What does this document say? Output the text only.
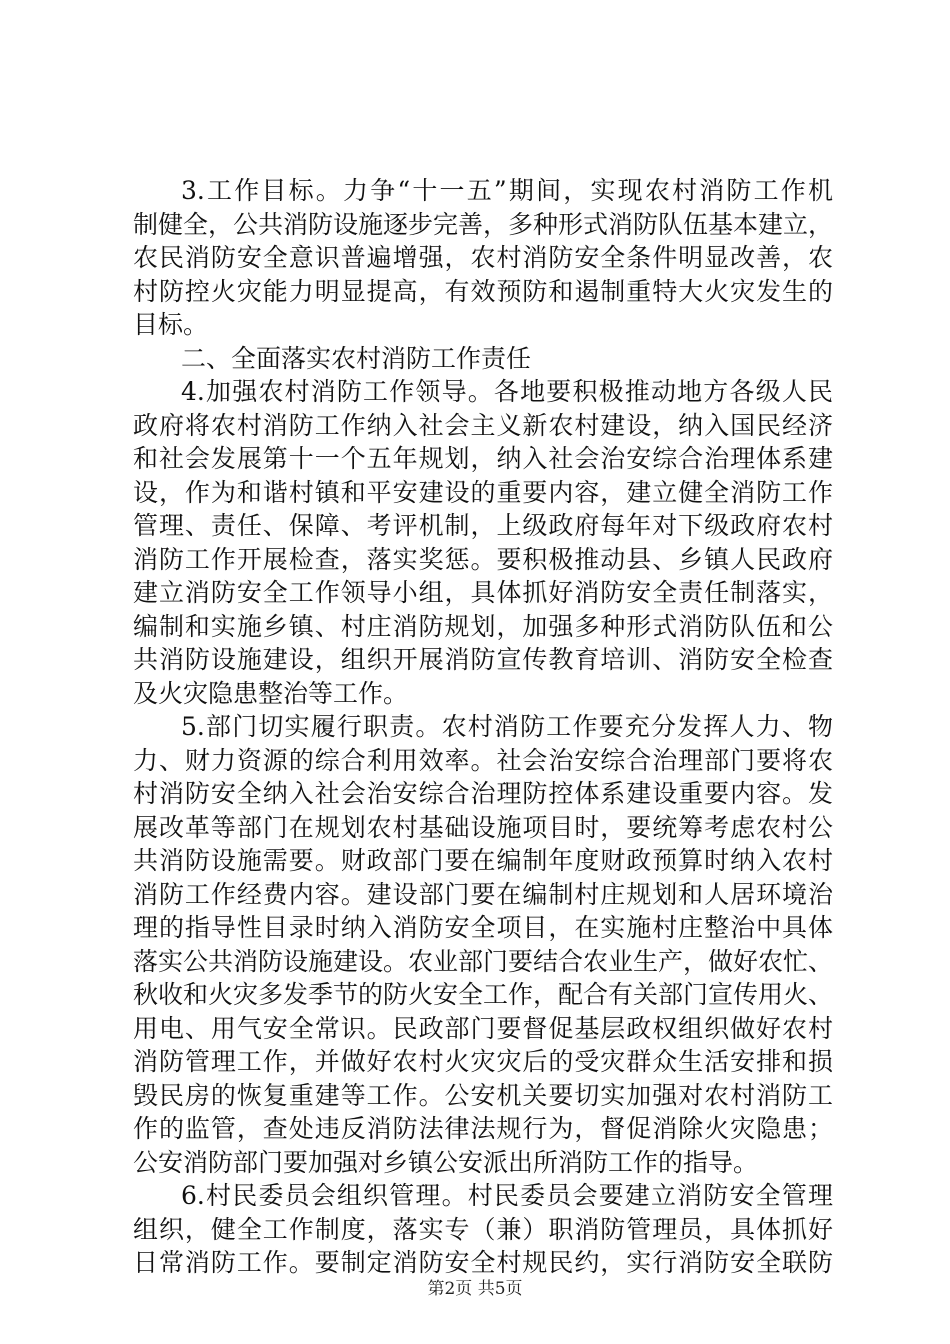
3.工作目标。力争“十一五”期间，实现农村消防工作机
制健全，公共消防设施逐步完善，多种形式消防队伍基本建立，
农民消防安全意识普遍增强，农村消防安全条件明显改善，农
村防控火灾能力明显提高，有效预防和遏制重特大火灾发生的
目标。
二、全面落实农村消防工作责任
4.加强农村消防工作领导。各地要积极推动地方各级人民
政府将农村消防工作纳入社会主义新农村建设，纳入国民经济
和社会发展第十一个五年规划，纳入社会治安综合治理体系建
设，作为和谐村镇和平安建设的重要内容，建立健全消防工作
管理、责任、保障、考评机制，上级政府每年对下级政府农村
消防工作开展检查，落实奖惩。要积极推动县、乡镇人民政府
建立消防安全工作领导小组，具体抓好消防安全责任制落实，
编制和实施乡镇、村庄消防规划，加强多种形式消防队伍和公
共消防设施建设，组织开展消防宣传教育培训、消防安全检查
及火灾隐患整治等工作。
5.部门切实履行职责。农村消防工作要充分发挥人力、物
力、财力资源的综合利用效率。社会治安综合治理部门要将农
村消防安全纳入社会治安综合治理防控体系建设重要内容。发
展改革等部门在规划农村基础设施项目时，要统筹考虑农村公
共消防设施需要。财政部门要在编制年度财政预算时纳入农村
消防工作经费内容。建设部门要在编制村庄规划和人居环境治
理的指导性目录时纳入消防安全项目，在实施村庄整治中具体
落实公共消防设施建设。农业部门要结合农业生产，做好农忙、
秋收和火灾多发季节的防火安全工作，配合有关部门宣传用火、
用电、用气安全常识。民政部门要督促基层政权组织做好农村
消防管理工作，并做好农村火灾灾后的受灾群众生活安排和损
毁民房的恢复重建等工作。公安机关要切实加强对农村消防工
作的监管，查处违反消防法律法规行为，督促消除火灾隐患；
公安消防部门要加强对乡镇公安派出所消防工作的指导。
6.村民委员会组织管理。村民委员会要建立消防安全管理
组织，健全工作制度，落实专（兼）职消防管理员，具体抓好
日常消防工作。要制定消防安全村规民约，实行消防安全联防
第2页 共5页
